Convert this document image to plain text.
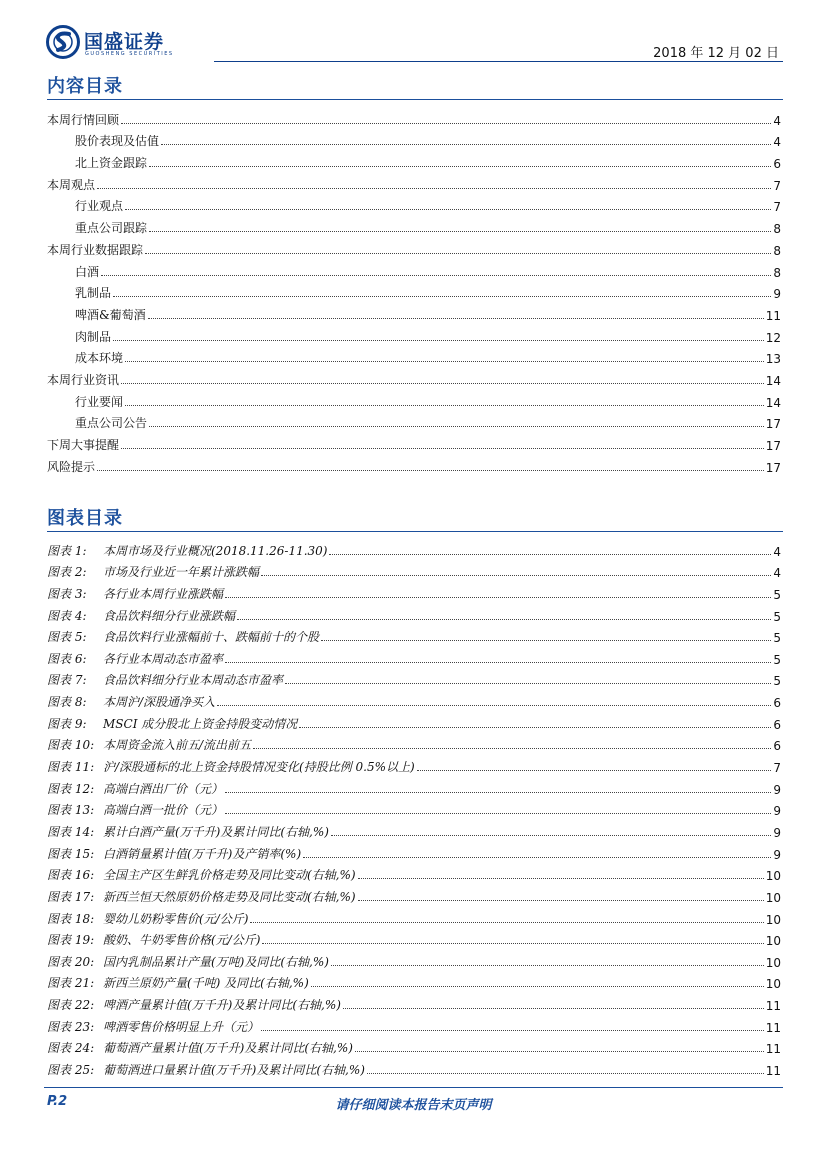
国盛证券
GUOSHENG SECURITIES	2018 年 12 月 02 日
内容目录
本周行情回顾	4
股价表现及估值	4
北上资金跟踪	6
本周观点	7
行业观点	7
重点公司跟踪	8
本周行业数据跟踪	8
白酒	8
乳制品	9
啤酒&葡萄酒	11
肉制品	12
成本环境	13
本周行业资讯	14
行业要闻	14
重点公司公告	17
下周大事提醒	17
风险提示	17
图表目录
图表 1:	本周市场及行业概况(2018.11.26-11.30)	4
图表 2:	市场及行业近一年累计涨跌幅	4
图表 3:	各行业本周行业涨跌幅	5
图表 4:	食品饮料细分行业涨跌幅	5
图表 5:	食品饮料行业涨幅前十、跌幅前十的个股	5
图表 6:	各行业本周动态市盈率	5
图表 7:	食品饮料细分行业本周动态市盈率	5
图表 8:	本周沪/深股通净买入	6
图表 9:	MSCI 成分股北上资金持股变动情况	6
图表 10: 本周资金流入前五/流出前五	6
图表 11: 沪/深股通标的北上资金持股情况变化(持股比例 0.5%以上)	7
图表 12: 高端白酒出厂价（元）	9
图表 13: 高端白酒一批价（元）	9
图表 14: 累计白酒产量(万千升)及累计同比(右轴,%)	9
图表 15: 白酒销量累计值(万千升)及产销率(%)	9
图表 16: 全国主产区生鲜乳价格走势及同比变动(右轴,%)	10
图表 17: 新西兰恒天然原奶价格走势及同比变动(右轴,%)	10
图表 18: 婴幼儿奶粉零售价(元/公斤)	10
图表 19: 酸奶、牛奶零售价格(元/公斤)	10
图表 20: 国内乳制品累计产量(万吨)及同比(右轴,%)	10
图表 21: 新西兰原奶产量(千吨) 及同比(右轴,%)	10
图表 22: 啤酒产量累计值(万千升)及累计同比(右轴,%)	11
图表 23: 啤酒零售价格明显上升（元）	11
图表 24: 葡萄酒产量累计值(万千升)及累计同比(右轴,%)	11
图表 25: 葡萄酒进口量累计值(万千升)及累计同比(右轴,%)	11
P.2	请仔细阅读本报告末页声明
